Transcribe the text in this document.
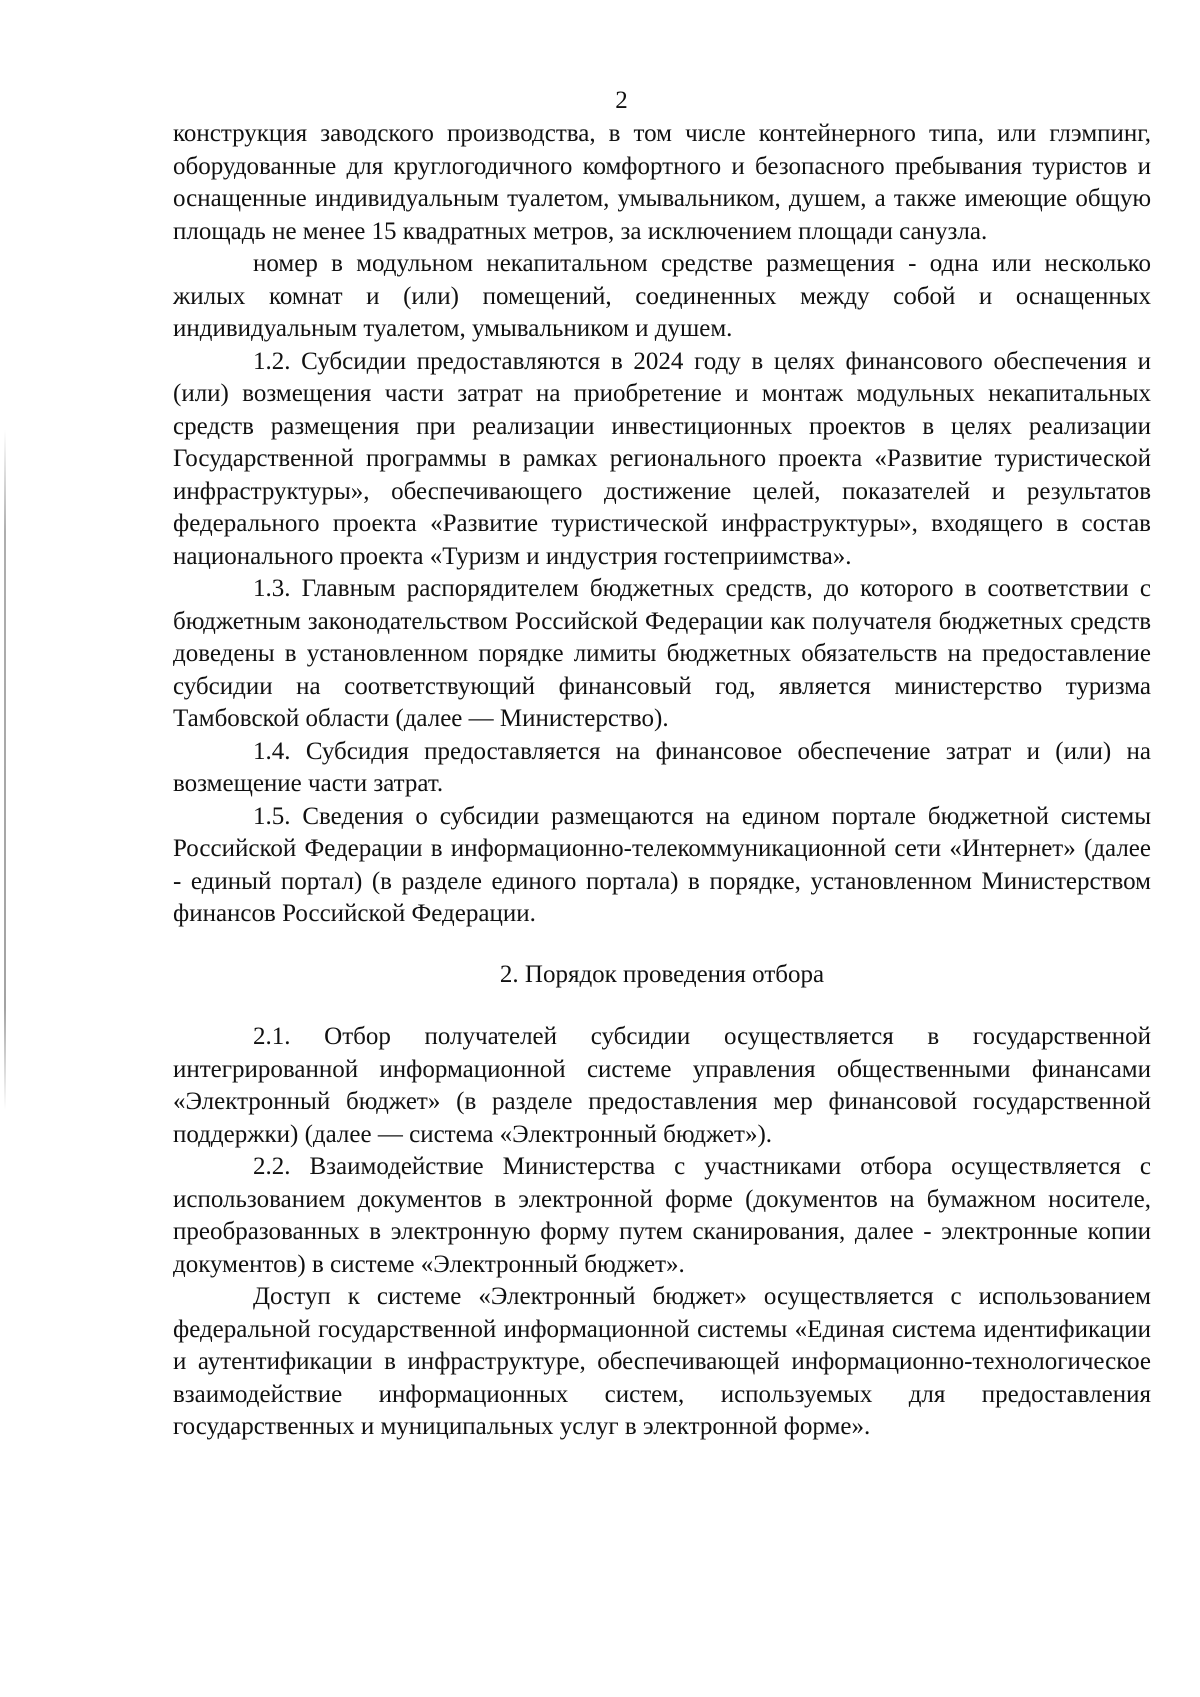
2

конструкция заводского производства, в том числе контейнерного типа, или глэмпинг, оборудованные для круглогодичного комфортного и безопасного пребывания туристов и оснащенные индивидуальным туалетом, умывальником, душем, а также имеющие общую площадь не менее 15 квадратных метров, за исключением площади санузла.

номер в модульном некапитальном средстве размещения - одна или несколько жилых комнат и (или) помещений, соединенных между собой и оснащенных индивидуальным туалетом, умывальником и душем.

1.2. Субсидии предоставляются в 2024 году в целях финансового обеспечения и (или) возмещения части затрат на приобретение и монтаж модульных некапитальных средств размещения при реализации инвестиционных проектов в целях реализации Государственной программы в рамках регионального проекта «Развитие туристической инфраструктуры», обеспечивающего достижение целей, показателей и результатов федерального проекта «Развитие туристической инфраструктуры», входящего в состав национального проекта «Туризм и индустрия гостеприимства».

1.3. Главным распорядителем бюджетных средств, до которого в соответствии с бюджетным законодательством Российской Федерации как получателя бюджетных средств доведены в установленном порядке лимиты бюджетных обязательств на предоставление субсидии на соответствующий финансовый год, является министерство туризма Тамбовской области (далее — Министерство).

1.4. Субсидия предоставляется на финансовое обеспечение затрат и (или) на возмещение части затрат.

1.5. Сведения о субсидии размещаются на едином портале бюджетной системы Российской Федерации в информационно-телекоммуникационной сети «Интернет» (далее - единый портал) (в разделе единого портала) в порядке, установленном Министерством финансов Российской Федерации.

2. Порядок проведения отбора

2.1. Отбор получателей субсидии осуществляется в государственной интегрированной информационной системе управления общественными финансами «Электронный бюджет» (в разделе предоставления мер финансовой государственной поддержки) (далее — система «Электронный бюджет»).

2.2. Взаимодействие Министерства с участниками отбора осуществляется с использованием документов в электронной форме (документов на бумажном носителе, преобразованных в электронную форму путем сканирования, далее - электронные копии документов) в системе «Электронный бюджет».

Доступ к системе «Электронный бюджет» осуществляется с использованием федеральной государственной информационной системы «Единая система идентификации и аутентификации в инфраструктуре, обеспечивающей информационно-технологическое взаимодействие информационных систем, используемых для предоставления государственных и муниципальных услуг в электронной форме».
